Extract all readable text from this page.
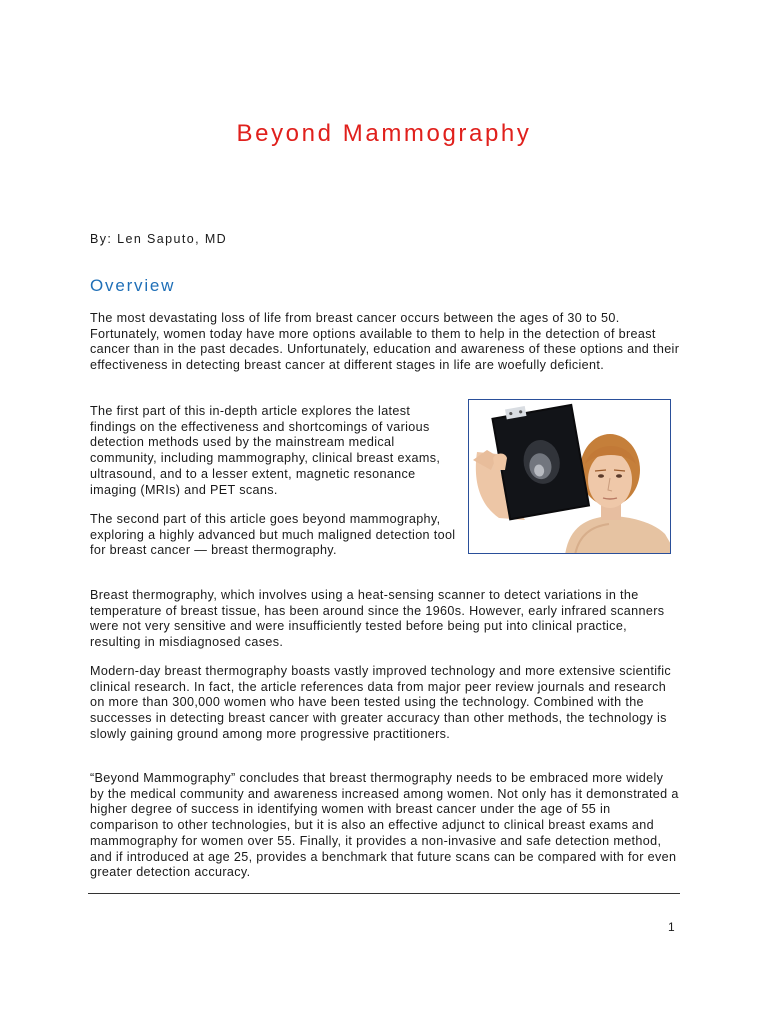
Beyond Mammography

By: Len Saputo, MD

Overview

The most devastating loss of life from breast cancer occurs between the ages of 30 to 50. Fortunately, women today have more options available to them to help in the detection of breast cancer than in the past decades. Unfortunately, education and awareness of these options and their effectiveness in detecting breast cancer at different stages in life are woefully deficient.

The first part of this in-depth article explores the latest findings on the effectiveness and shortcomings of various detection methods used by the mainstream medical community, including mammography, clinical breast exams, ultrasound, and to a lesser extent, magnetic resonance imaging (MRIs) and PET scans.

The second part of this article goes beyond mammography, exploring a highly advanced but much maligned detection tool for breast cancer — breast thermography.

Breast thermography, which involves using a heat-sensing scanner to detect variations in the temperature of breast tissue, has been around since the 1960s. However, early infrared scanners were not very sensitive and were insufficiently tested before being put into clinical practice, resulting in misdiagnosed cases.

Modern-day breast thermography boasts vastly improved technology and more extensive scientific clinical research. In fact, the article references data from major peer review journals and research on more than 300,000 women who have been tested using the technology. Combined with the successes in detecting breast cancer with greater accuracy than other methods, the technology is slowly gaining ground among more progressive practitioners.

“Beyond Mammography” concludes that breast thermography needs to be embraced more widely by the medical community and awareness increased among women. Not only has it demonstrated a higher degree of success in identifying women with breast cancer under the age of 55 in comparison to other technologies, but it is also an effective adjunct to clinical breast exams and mammography for women over 55. Finally, it provides a non-invasive and safe detection method, and if introduced at age 25, provides a benchmark that future scans can be compared with for even greater detection accuracy.

1
